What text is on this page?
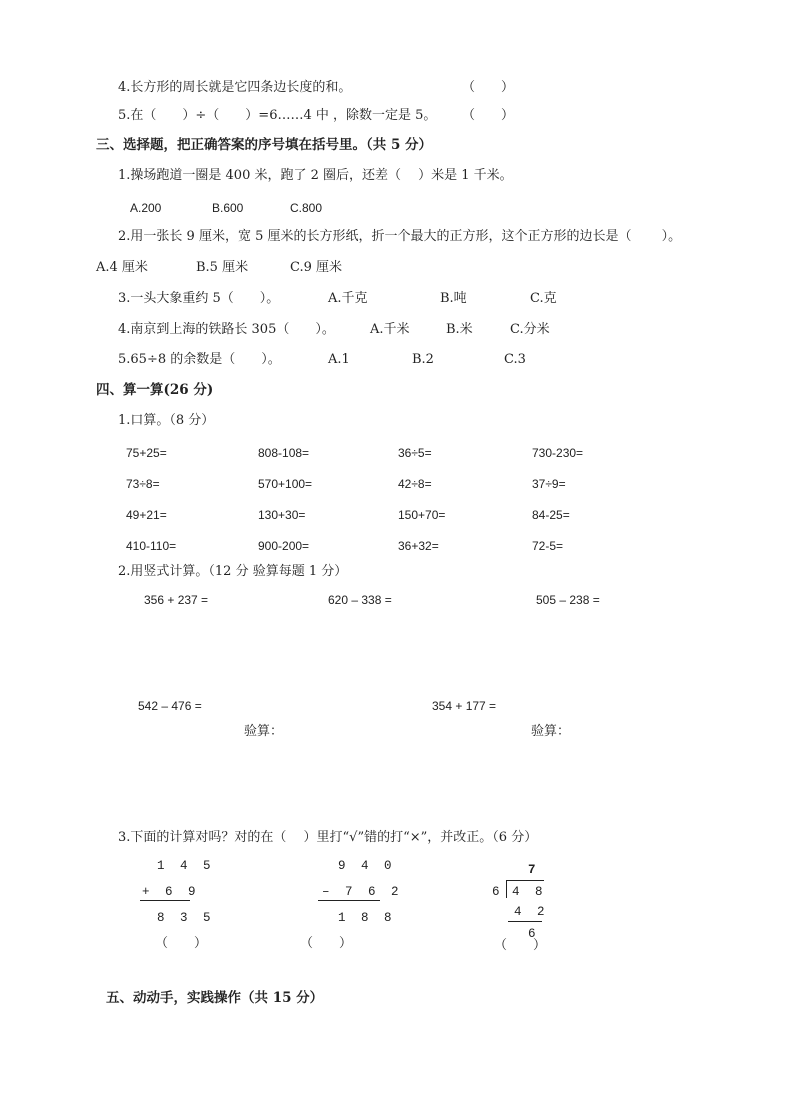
4.长方形的周长就是它四条边长度的和。	（　　）
5.在（　　）÷（　　）=6……4 中 ，除数一定是 5。 （　　）
三、选择题，把正确答案的序号填在括号里。（共 5 分）
1.操场跑道一圈是 400 米，跑了 2 圈后，还差（　 ）米是 1 千米。
A.200	B.600	C.800
2.用一张长 9 厘米，宽 5 厘米的长方形纸，折一个最大的正方形，这个正方形的边长是（　　 ）。
A.4 厘米	B.5 厘米	C.9 厘米
3.一头大象重约 5（　　）。	A.千克	B.吨	C.克
4.南京到上海的铁路长 305（　　）。	A.千米	B.米	C.分米
5.65÷8 的余数是（　　）。	A.1	B.2	C.3
四、算一算(26 分)
1.口算。（8 分）
75+25=	808-108=	36÷5=	730-230=
73÷8=	570+100=	42÷8=	37÷9=
49+21=	130+30=	150+70=	84-25=
410-110=	900-200=	36+32=	72-5=
2.用竖式计算。（12 分 验算每题 1 分）
356 + 237 =	620 – 338 =	505 – 238 =
542 – 476 =	354 + 177 =
验算：	验算：
3.下面的计算对吗？对的在（　 ）里打“√”错的打“×”，并改正。（6 分）
1 4 5
+ 6 9
8 3 5
（　　）
9 4 0
– 7 6 2
1 8 8
（　　）
7
6 4 8
4 2
6
（　　）
五、动动手，实践操作（共 15 分）
